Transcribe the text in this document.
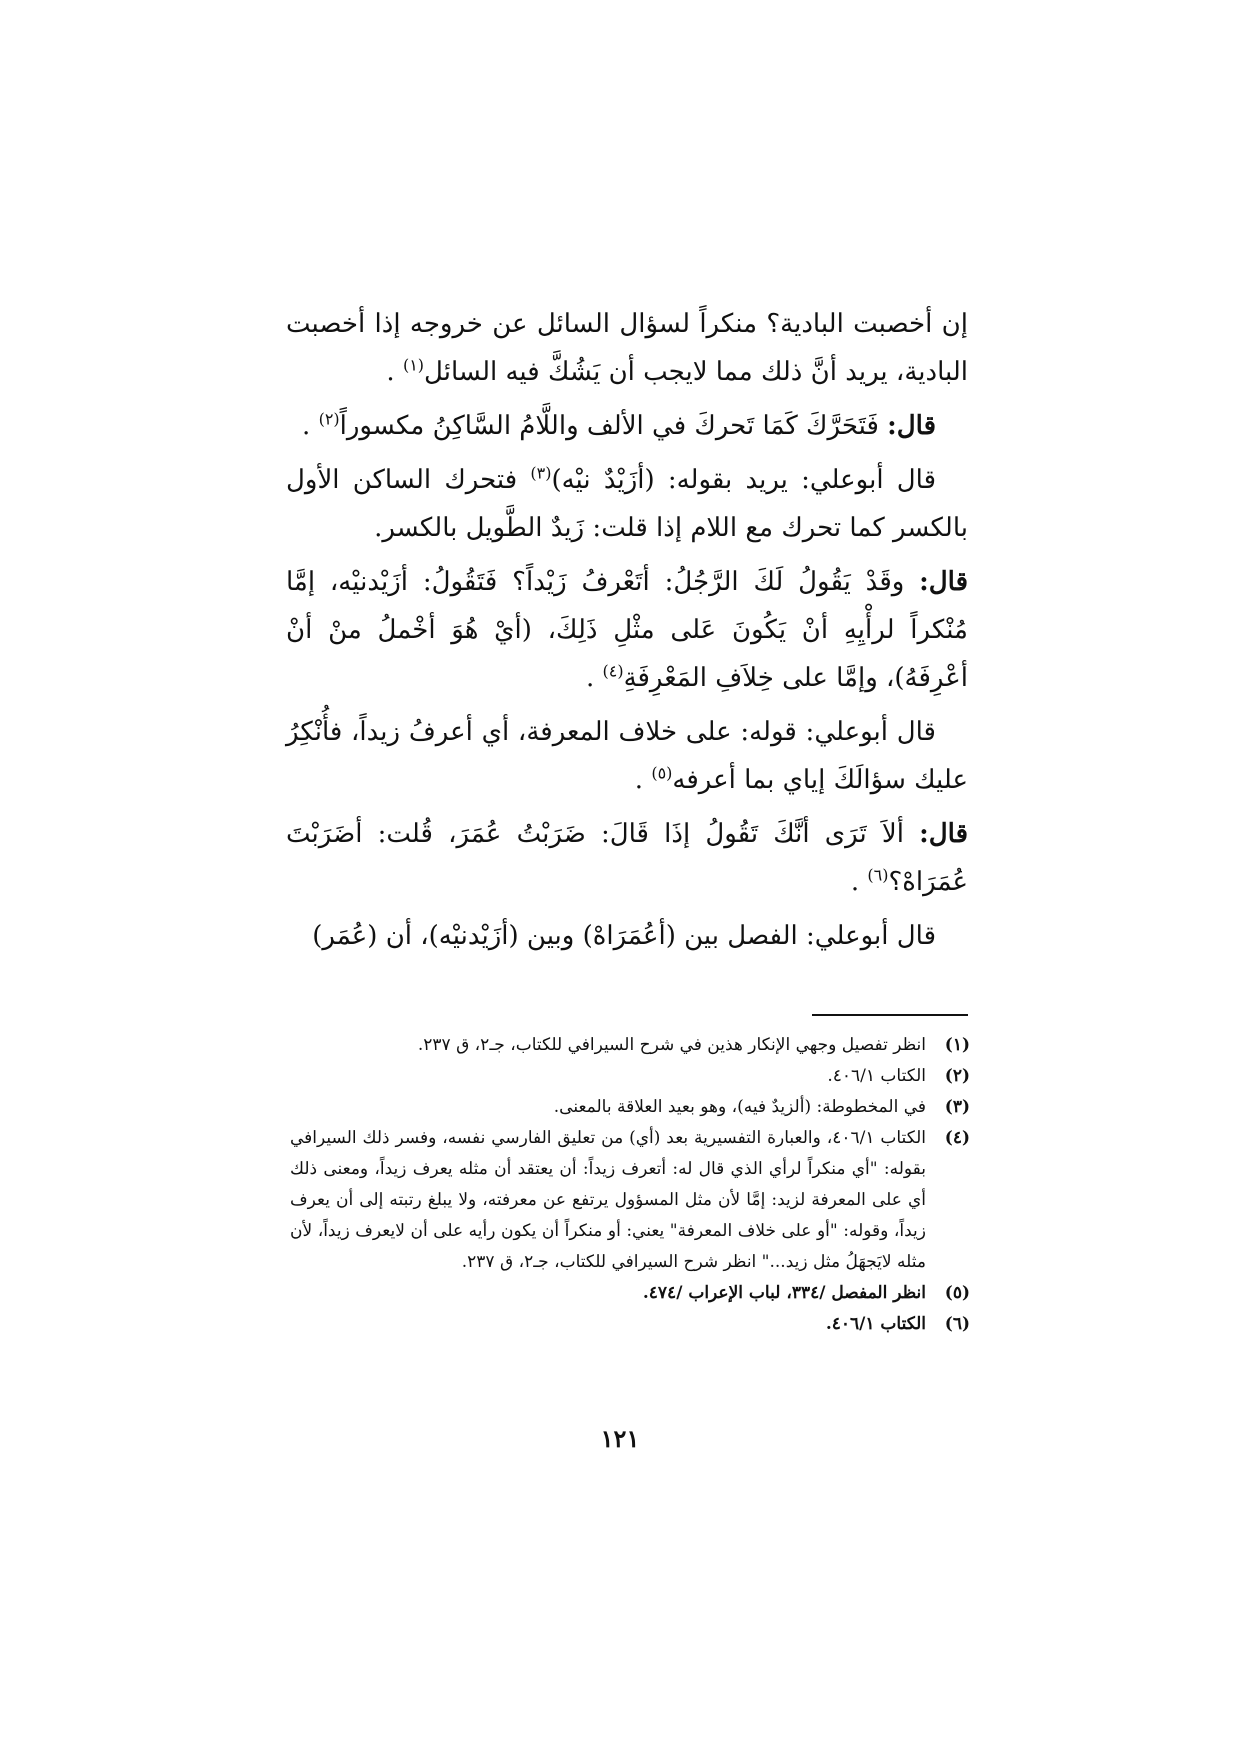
إن أخصبت البادية؟ منكراً لسؤال السائل عن خروجه إذا أخصبت البادية، يريد أنَّ ذلك مما لايجب أن يَشُكَّ فيه السائل$^{(١)}$ .

قال: فَتَحَرَّكَ كَمَا تَحركَ في الألف واللَّامُ السَّاكِنُ مكسوراً$^{(٢)}$ .

قال أبوعلي: يريد بقوله: (أزَيْدٌ نيْه)$^{(٣)}$ فتحرك الساكن الأول بالكسر كما تحرك مع اللام إذا قلت: زَيدٌ الطَّويل بالكسر.

قال: وقَدْ يَقُولُ لَكَ الرَّجُلُ: أتَعْرفُ زَيْداً؟ فَتَقُولُ: أزَيْدنيْه، إمَّا مُنْكراً لرأْيِهِ أنْ يَكُونَ عَلى مثْلِ ذَلِكَ، (أيْ هُوَ أخْملُ منْ أنْ أعْرِفَهُ)، وإمَّا على خِلاَفِ المَعْرِفَةِ$^{(٤)}$ .

قال أبوعلي: قوله: على خلاف المعرفة، أي أعرفُ زيداً، فأُنْكِرُ عليك سؤالَكَ إياي بما أعرفه$^{(٥)}$ .

قال: ألاَ تَرَى أنَّكَ تَقُولُ إذَا قَالَ: ضَرَبْتُ عُمَرَ، قُلت: أضَرَبْتَ عُمَرَاهْ؟$^{(٦)}$ .

قال أبوعلي: الفصل بين (أعُمَرَاهْ) وبين (أزَيْدنيْه)، أن (عُمَر)

(١)
انظر تفصيل وجهي الإنكار هذين في شرح السيرافي للكتاب، جـ٢، ق ٢٣٧.
(٢)
الكتاب ٤٠٦/١.
(٣)
في المخطوطة: (ألزيدٌ فيه)، وهو بعيد العلاقة بالمعنى.
(٤)
الكتاب ٤٠٦/١، والعبارة التفسيرية بعد (أي) من تعليق الفارسي نفسه، وفسر ذلك السيرافي بقوله: "أي منكراً لرأي الذي قال له: أتعرف زيداً: أن يعتقد أن مثله يعرف زيداً، ومعنى ذلك أي على المعرفة لزيد: إمَّا لأن مثل المسؤول يرتفع عن معرفته، ولا يبلغ رتبته إلى أن يعرف زيداً، وقوله: "أو على خلاف المعرفة" يعني: أو منكراً أن يكون رأيه على أن لايعرف زيداً، لأن مثله لايَجهَلُ مثل زيد..." انظر شرح السيرافي للكتاب، جـ٢، ق ٢٣٧.
(٥)
انظر المفصل /٣٣٤، لباب الإعراب /٤٧٤.
(٦)
الكتاب ٤٠٦/١.
١٢١
